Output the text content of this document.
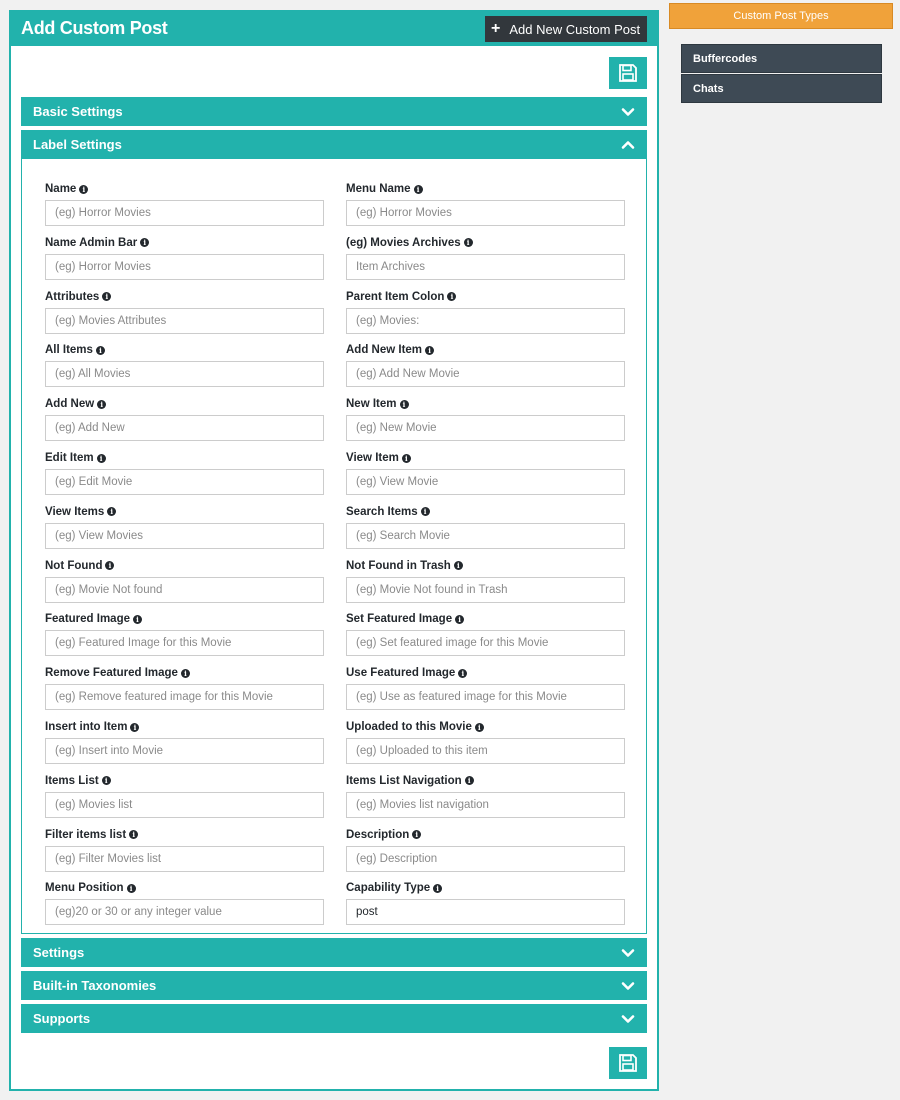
Add Custom Post	+ Add New Custom Post
Basic Settings
Label Settings
Name i
(eg) Horror Movies	Menu Name i
(eg) Horror Movies
Name Admin Bar i
(eg) Horror Movies	(eg) Movies Archives i
Item Archives
Attributes i
(eg) Movies Attributes	Parent Item Colon i
(eg) Movies:
All Items i
(eg) All Movies	Add New Item i
(eg) Add New Movie
Add New i
(eg) Add New	New Item i
(eg) New Movie
Edit Item i
(eg) Edit Movie	View Item i
(eg) View Movie
View Items i
(eg) View Movies	Search Items i
(eg) Search Movie
Not Found i
(eg) Movie Not found	Not Found in Trash i
(eg) Movie Not found in Trash
Featured Image i
(eg) Featured Image for this Movie	Set Featured Image i
(eg) Set featured image for this Movie
Remove Featured Image i
(eg) Remove featured image for this Movie	Use Featured Image i
(eg) Use as featured image for this Movie
Insert into Item i
(eg) Insert into Movie	Uploaded to this Movie i
(eg) Uploaded to this item
Items List i
(eg) Movies list	Items List Navigation i
(eg) Movies list navigation
Filter items list i
(eg) Filter Movies list	Description i
(eg) Description
Menu Position i
(eg)20 or 30 or any integer value	Capability Type i
post
Settings
Built-in Taxonomies
Supports
Custom Post Types
Buffercodes
Chats
